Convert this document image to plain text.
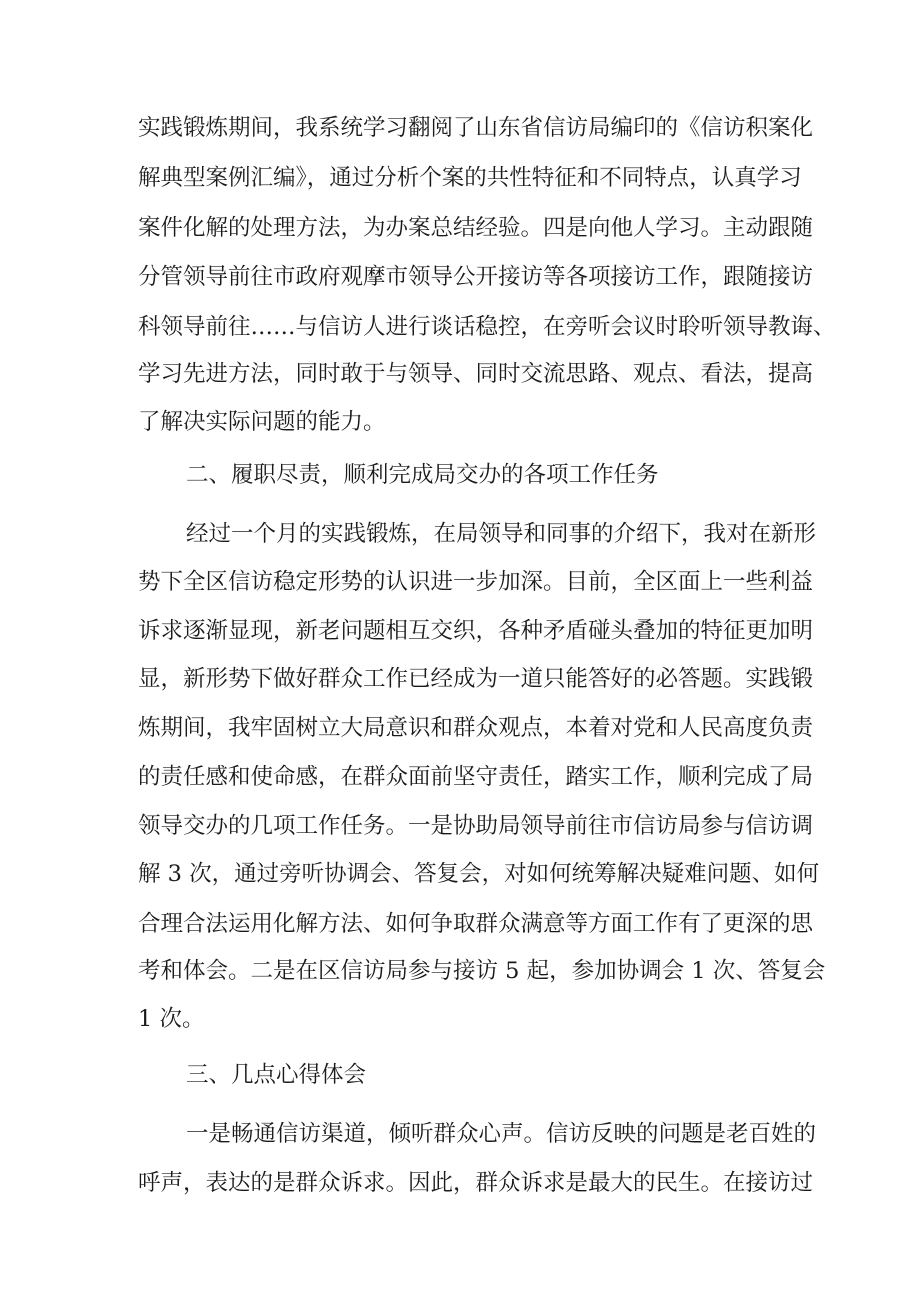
实践锻炼期间，我系统学习翻阅了山东省信访局编印的《信访积案化
解典型案例汇编》，通过分析个案的共性特征和不同特点，认真学习
案件化解的处理方法，为办案总结经验。四是向他人学习。主动跟随
分管领导前往市政府观摩市领导公开接访等各项接访工作，跟随接访
科领导前往……与信访人进行谈话稳控，在旁听会议时聆听领导教诲、
学习先进方法，同时敢于与领导、同时交流思路、观点、看法，提高
了解决实际问题的能力。
二、履职尽责，顺利完成局交办的各项工作任务
经过一个月的实践锻炼，在局领导和同事的介绍下，我对在新形
势下全区信访稳定形势的认识进一步加深。目前，全区面上一些利益
诉求逐渐显现，新老问题相互交织，各种矛盾碰头叠加的特征更加明
显，新形势下做好群众工作已经成为一道只能答好的必答题。实践锻
炼期间，我牢固树立大局意识和群众观点，本着对党和人民高度负责
的责任感和使命感，在群众面前坚守责任，踏实工作，顺利完成了局
领导交办的几项工作任务。一是协助局领导前往市信访局参与信访调
解 3 次，通过旁听协调会、答复会，对如何统筹解决疑难问题、如何
合理合法运用化解方法、如何争取群众满意等方面工作有了更深的思
考和体会。二是在区信访局参与接访 5 起，参加协调会 1 次、答复会
1 次。
三、几点心得体会
一是畅通信访渠道，倾听群众心声。信访反映的问题是老百姓的
呼声，表达的是群众诉求。因此，群众诉求是最大的民生。在接访过
